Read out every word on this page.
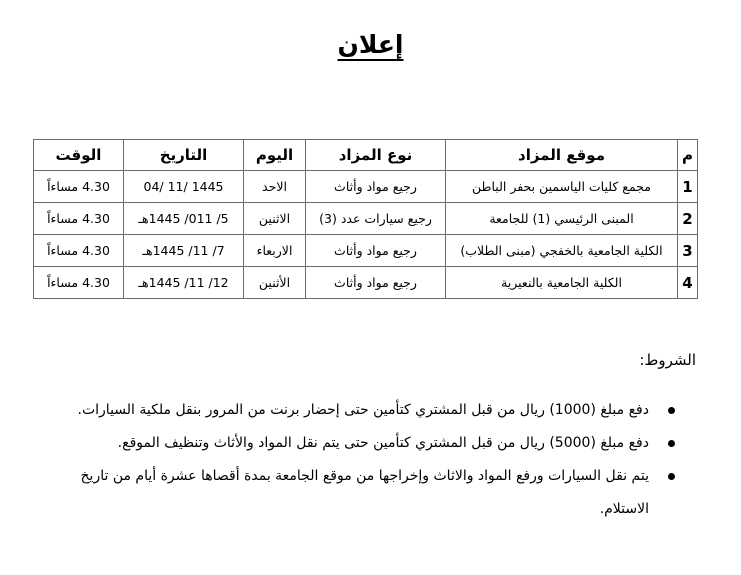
إعلان
م	موقع المزاد	نوع المزاد	اليوم	التاريخ	الوقت
1	مجمع كليات الياسمين بحفر الباطن	رجيع مواد وأثاث	الاحد	1445 /11 /04	4.30 مساءاً
2	المبنى الرئيسي (1) للجامعة	رجيع سيارات عدد (3)	الاثنين	5/ 011/ 1445هـ	4.30 مساءاً
3	الكلية الجامعية بالخفجي (مبنى الطلاب)	رجيع مواد وأثاث	الاربعاء	7/ 11/ 1445هـ	4.30 مساءاً
4	الكلية الجامعية بالنعيرية	رجيع مواد وأثاث	الأثنين	12/ 11/ 1445هـ	4.30 مساءاً
الشروط:
دفع مبلغ (1000) ريال من قبل المشتري كتأمين حتى إحضار برنت من المرور بنقل ملكية السيارات.
دفع مبلغ (5000) ريال من قبل المشتري كتأمين حتى يتم نقل المواد والأثاث وتنظيف الموقع.
يتم نقل السيارات ورفع المواد والاثاث وإخراجها من موقع الجامعة بمدة أقصاها عشرة أيام من تاريخ الاستلام.
